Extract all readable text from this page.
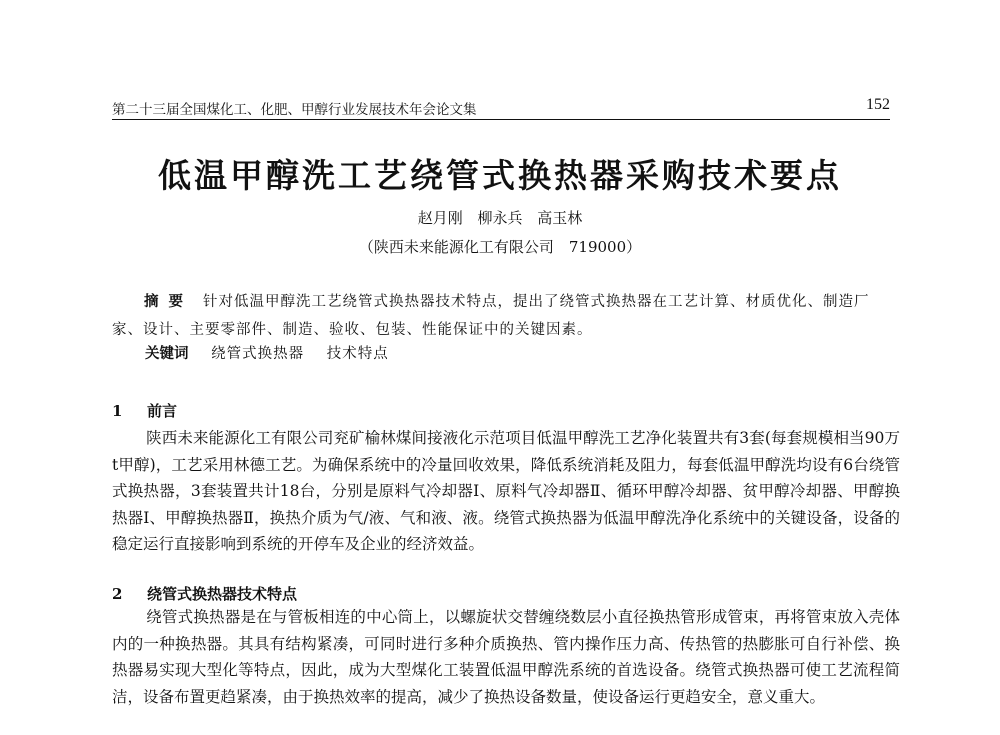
第二十三届全国煤化工、化肥、甲醇行业发展技术年会论文集	152
低温甲醇洗工艺绕管式换热器采购技术要点
赵月刚 柳永兵 高玉林
（陕西未来能源化工有限公司　719000）
摘要 针对低温甲醇洗工艺绕管式换热器技术特点，提出了绕管式换热器在工艺计算、材质优化、制造厂家、设计、主要零部件、制造、验收、包装、性能保证中的关键因素。
关键词 绕管式换热器 技术特点
1 前言
陕西未来能源化工有限公司兖矿榆林煤间接液化示范项目低温甲醇洗工艺净化装置共有3套(每套规模相当90万t甲醇)，工艺采用林德工艺。为确保系统中的冷量回收效果，降低系统消耗及阻力，每套低温甲醇洗均设有6台绕管式换热器，3套装置共计18台，分别是原料气冷却器Ⅰ、原料气冷却器Ⅱ、循环甲醇冷却器、贫甲醇冷却器、甲醇换热器Ⅰ、甲醇换热器Ⅱ，换热介质为气/液、气和液、液。绕管式换热器为低温甲醇洗净化系统中的关键设备，设备的稳定运行直接影响到系统的开停车及企业的经济效益。
2 绕管式换热器技术特点
绕管式换热器是在与管板相连的中心筒上，以螺旋状交替缠绕数层小直径换热管形成管束，再将管束放入壳体内的一种换热器。其具有结构紧凑，可同时进行多种介质换热、管内操作压力高、传热管的热膨胀可自行补偿、换热器易实现大型化等特点，因此，成为大型煤化工装置低温甲醇洗系统的首选设备。绕管式换热器可使工艺流程简洁，设备布置更趋紧凑，由于换热效率的提高，减少了换热设备数量，使设备运行更趋安全，意义重大。
